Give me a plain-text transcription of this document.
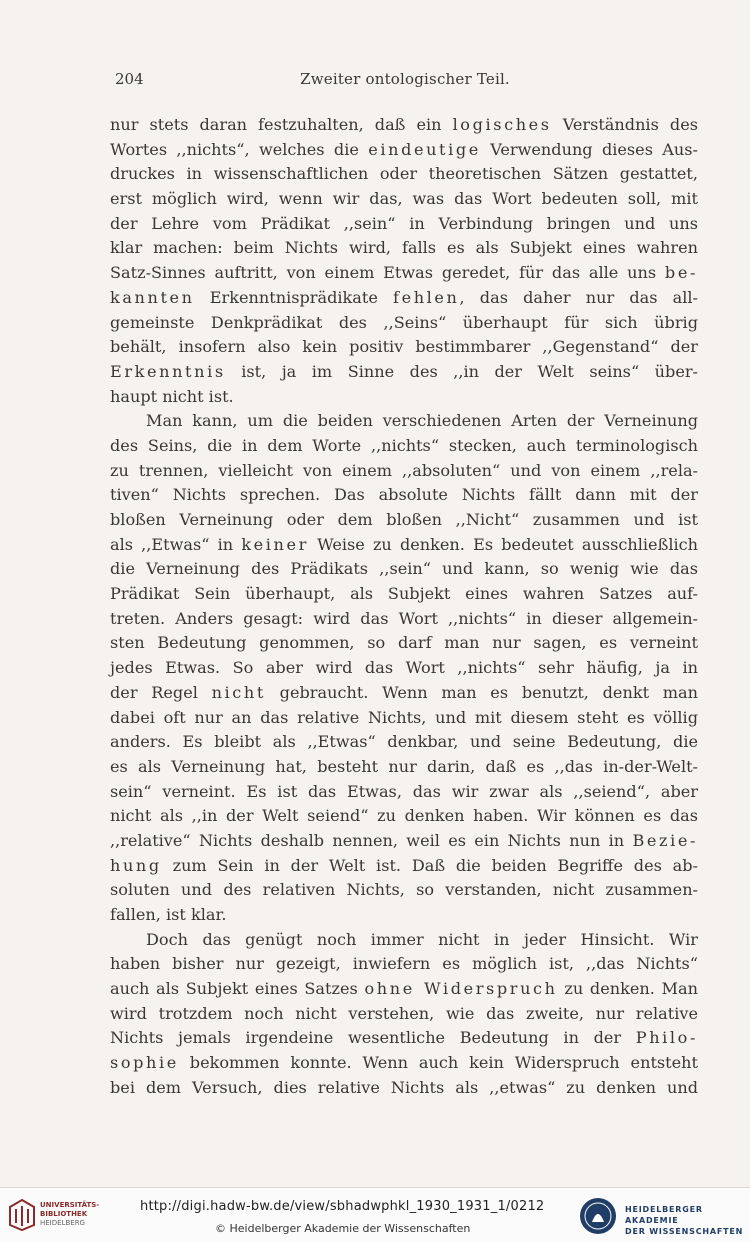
204	Zweiter ontologischer Teil.
nur stets daran festzuhalten, daß ein logisches Verständnis des
Wortes ,,nichts“, welches die eindeutige Verwendung dieses Aus-
druckes in wissenschaftlichen oder theoretischen Sätzen gestattet,
erst möglich wird, wenn wir das, was das Wort bedeuten soll, mit
der Lehre vom Prädikat ,,sein“ in Verbindung bringen und uns
klar machen: beim Nichts wird, falls es als Subjekt eines wahren
Satz-Sinnes auftritt, von einem Etwas geredet, für das alle uns be-
kannten Erkenntnisprädikate fehlen, das daher nur das all-
gemeinste Denkprädikat des ,,Seins“ überhaupt für sich übrig
behält, insofern also kein positiv bestimmbarer ,,Gegenstand“ der
Erkenntnis ist, ja im Sinne des ,,in der Welt seins“ über-
haupt nicht ist.
Man kann, um die beiden verschiedenen Arten der Verneinung
des Seins, die in dem Worte ,,nichts“ stecken, auch terminologisch
zu trennen, vielleicht von einem ,,absoluten“ und von einem ,,rela-
tiven“ Nichts sprechen. Das absolute Nichts fällt dann mit der
bloßen Verneinung oder dem bloßen ,,Nicht“ zusammen und ist
als ,,Etwas“ in keiner Weise zu denken. Es bedeutet ausschließlich
die Verneinung des Prädikats ,,sein“ und kann, so wenig wie das
Prädikat Sein überhaupt, als Subjekt eines wahren Satzes auf-
treten. Anders gesagt: wird das Wort ,,nichts“ in dieser allgemein-
sten Bedeutung genommen, so darf man nur sagen, es verneint
jedes Etwas. So aber wird das Wort ,,nichts“ sehr häufig, ja in
der Regel nicht gebraucht. Wenn man es benutzt, denkt man
dabei oft nur an das relative Nichts, und mit diesem steht es völlig
anders. Es bleibt als ,,Etwas“ denkbar, und seine Bedeutung, die
es als Verneinung hat, besteht nur darin, daß es ,,das in-der-Welt-
sein“ verneint. Es ist das Etwas, das wir zwar als ,,seiend“, aber
nicht als ,,in der Welt seiend“ zu denken haben. Wir können es das
,,relative“ Nichts deshalb nennen, weil es ein Nichts nun in Bezie-
hung zum Sein in der Welt ist. Daß die beiden Begriffe des ab-
soluten und des relativen Nichts, so verstanden, nicht zusammen-
fallen, ist klar.
Doch das genügt noch immer nicht in jeder Hinsicht. Wir
haben bisher nur gezeigt, inwiefern es möglich ist, ,,das Nichts“
auch als Subjekt eines Satzes ohne Widerspruch zu denken. Man
wird trotzdem noch nicht verstehen, wie das zweite, nur relative
Nichts jemals irgendeine wesentliche Bedeutung in der Philo-
sophie bekommen konnte. Wenn auch kein Widerspruch entsteht
bei dem Versuch, dies relative Nichts als ,,etwas“ zu denken und
UNIVERSITÄTS-
BIBLIOTHEK
HEIDELBERG
http://digi.hadw-bw.de/view/sbhadwphkl_1930_1931_1/0212
© Heidelberger Akademie der Wissenschaften
HEIDELBERGER AKADEMIE
DER WISSENSCHAFTEN
